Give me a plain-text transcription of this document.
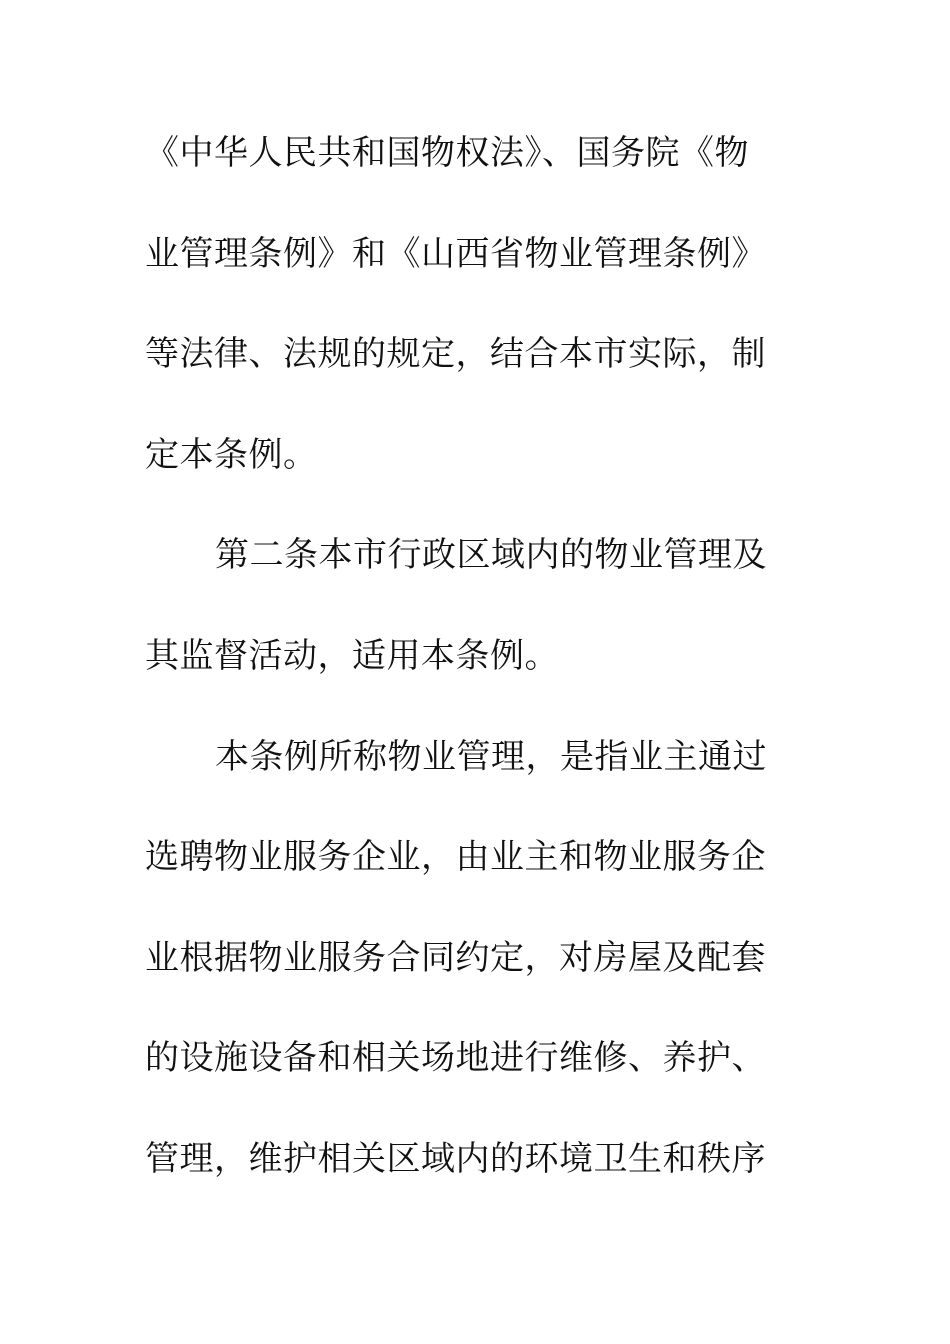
《中华人民共和国物权法》、国务院《物
业管理条例》和《山西省物业管理条例》
等法律、法规的规定，结合本市实际，制
定本条例。
第二条本市行政区域内的物业管理及
其监督活动，适用本条例。
本条例所称物业管理，是指业主通过
选聘物业服务企业，由业主和物业服务企
业根据物业服务合同约定，对房屋及配套
的设施设备和相关场地进行维修、养护、
管理，维护相关区域内的环境卫生和秩序
